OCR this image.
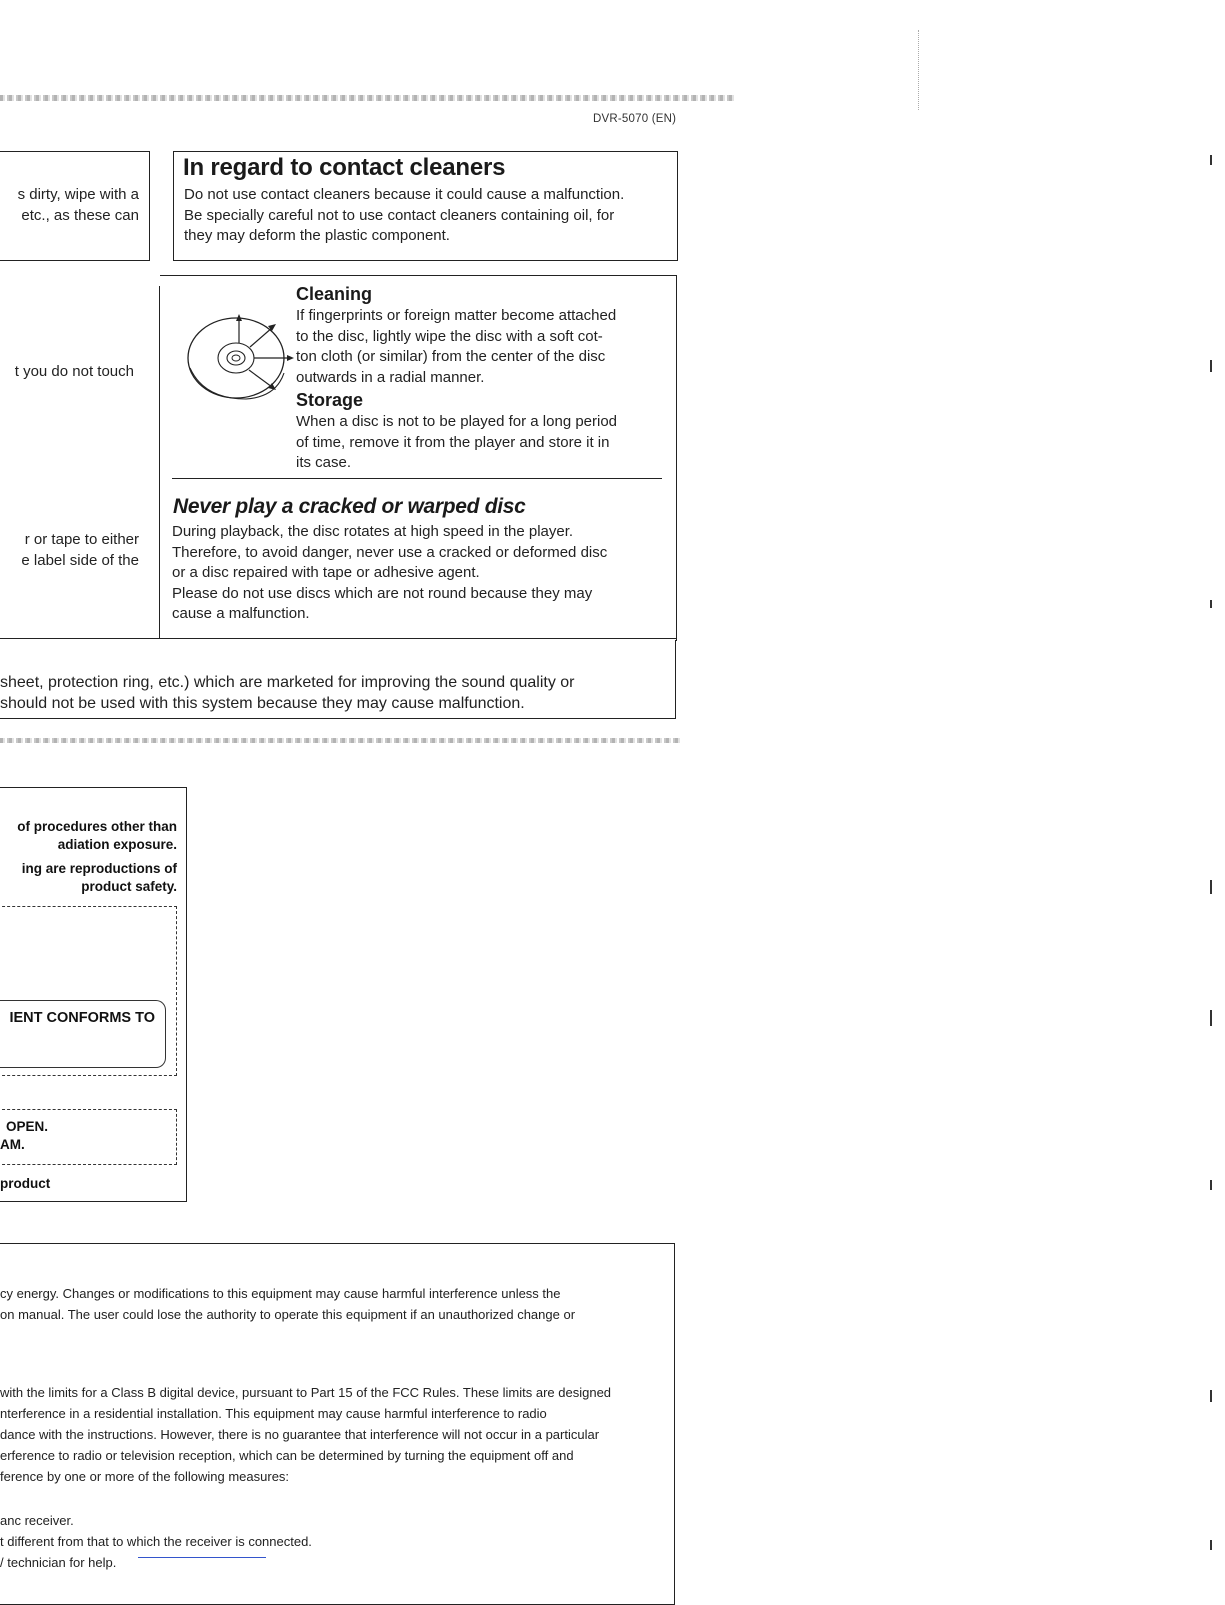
DVR-5070 (EN)
s dirty, wipe with a
etc., as these can
In regard to contact cleaners
Do not use contact cleaners because it could cause a malfunction.
Be specially careful not to use contact cleaners containing oil, for
they may deform the plastic component.
t you do not touch
r or tape to either
e label side of the
Cleaning
If fingerprints or foreign matter become attached
to the disc, lightly wipe the disc with a soft cot-
ton cloth (or similar) from the center of the disc
outwards in a radial manner.
Storage
When a disc is not to be played for a long period
of time, remove it from the player and store it in
its case.
Never play a cracked or warped disc
During playback, the disc rotates at high speed in the player.
Therefore, to avoid danger, never use a cracked or deformed disc
or a disc repaired with tape or adhesive agent.
Please do not use discs which are not round because they may
cause a malfunction.
sheet, protection ring, etc.) which are marketed for improving the sound quality or
should not be used with this system because they may cause malfunction.
of procedures other than
adiation exposure.
ing are reproductions of
product safety.
IENT CONFORMS TO
OPEN.
AM.
product
cy energy. Changes or modifications to this equipment may cause harmful interference unless the
on manual. The user could lose the authority to operate this equipment if an unauthorized change or
with the limits for a Class B digital device, pursuant to Part 15 of the FCC Rules. These limits are designed
nterference in a residential installation. This equipment may cause harmful interference to radio
dance with the instructions. However, there is no guarantee that interference will not occur in a particular
erference to radio or television reception, which can be determined by turning the equipment off and
ference by one or more of the following measures:
anc receiver.
t different from that to which the receiver is connected.
/ technician for help.
